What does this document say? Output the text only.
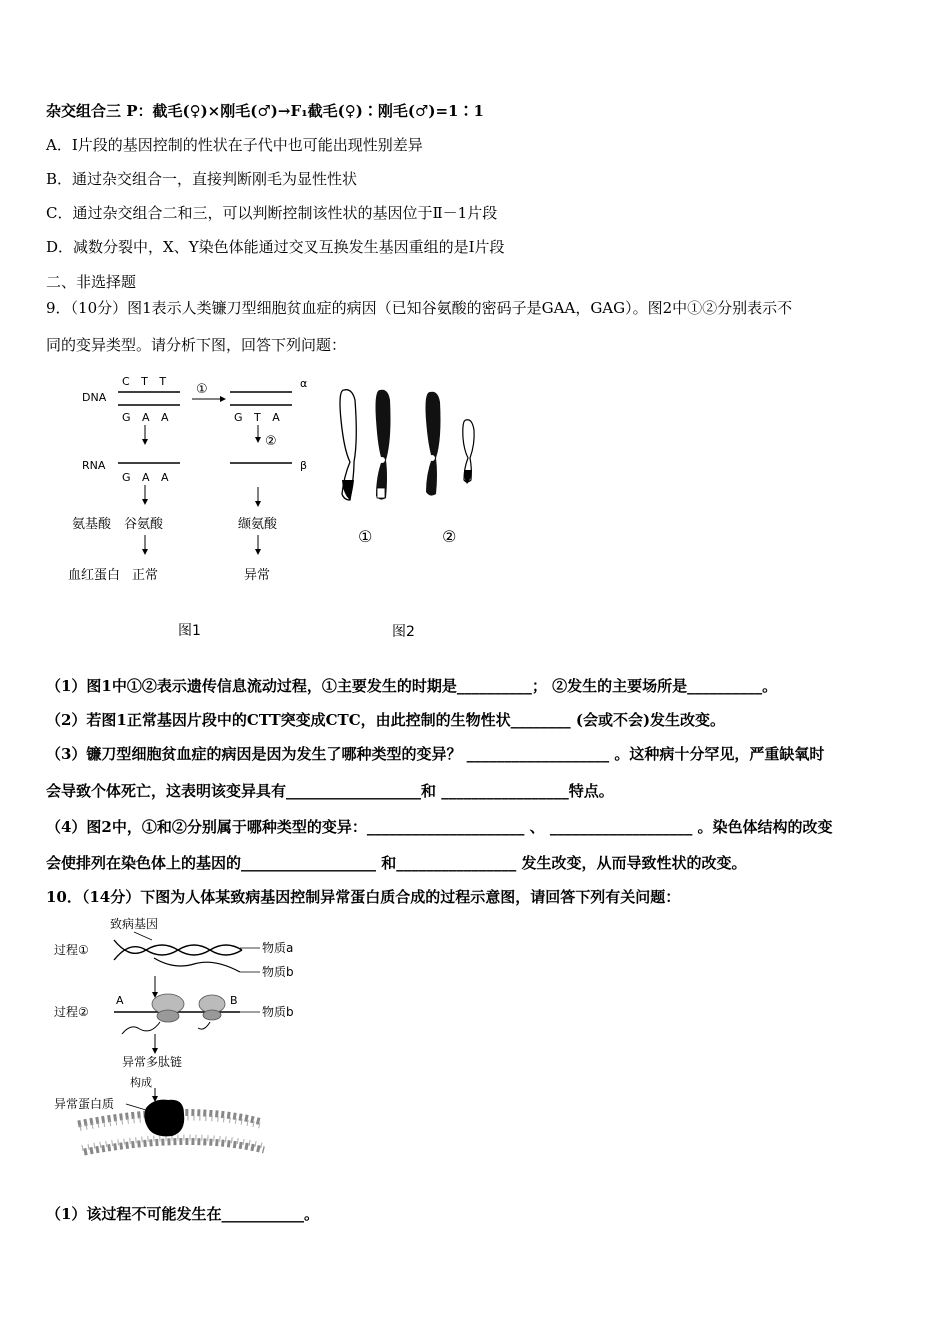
杂交组合三 P：截毛(♀)×刚毛(♂)→F₁截毛(♀)∶刚毛(♂)=1∶1
A．Ⅰ片段的基因控制的性状在子代中也可能出现性别差异
B．通过杂交组合一，直接判断刚毛为显性性状
C．通过杂交组合二和三，可以判断控制该性状的基因位于Ⅱ－1片段
D．减数分裂中，X、Y染色体能通过交叉互换发生基因重组的是Ⅰ片段
二、非选择题
9．（10分）图1表示人类镰刀型细胞贫血症的病因（已知谷氨酸的密码子是GAA，GAG）。图2中①②分别表示不
同的变异类型。请分析下图，回答下列问题：
DNA
C T T
G A A
①	α
G T A
②
RNA
G A A
β
氨基酸 谷氨酸	缬氨酸
血红蛋白 正常	异常
图1
①	②
图2
（1）图1中①②表示遗传信息流动过程，①主要发生的时期是__________； ②发生的主要场所是__________。
（2）若图1正常基因片段中的CTT突变成CTC，由此控制的生物性状________ (会或不会)发生改变。
（3）镰刀型细胞贫血症的病因是因为发生了哪种类型的变异？ ___________________ 。这种病十分罕见，严重缺氧时
会导致个体死亡，这表明该变异具有__________________和 _________________特点。
（4）图2中，①和②分别属于哪种类型的变异：_____________________ 、 ___________________ 。染色体结构的改变
会使排列在染色体上的基因的__________________ 和________________ 发生改变，从而导致性状的改变。
10．（14分）下图为人体某致病基因控制异常蛋白质合成的过程示意图，请回答下列有关问题：
致病基因
过程①	物质a
物质b
过程②
A	B
物质b
异常多肽链
构成
异常蛋白质
（1）该过程不可能发生在___________。
